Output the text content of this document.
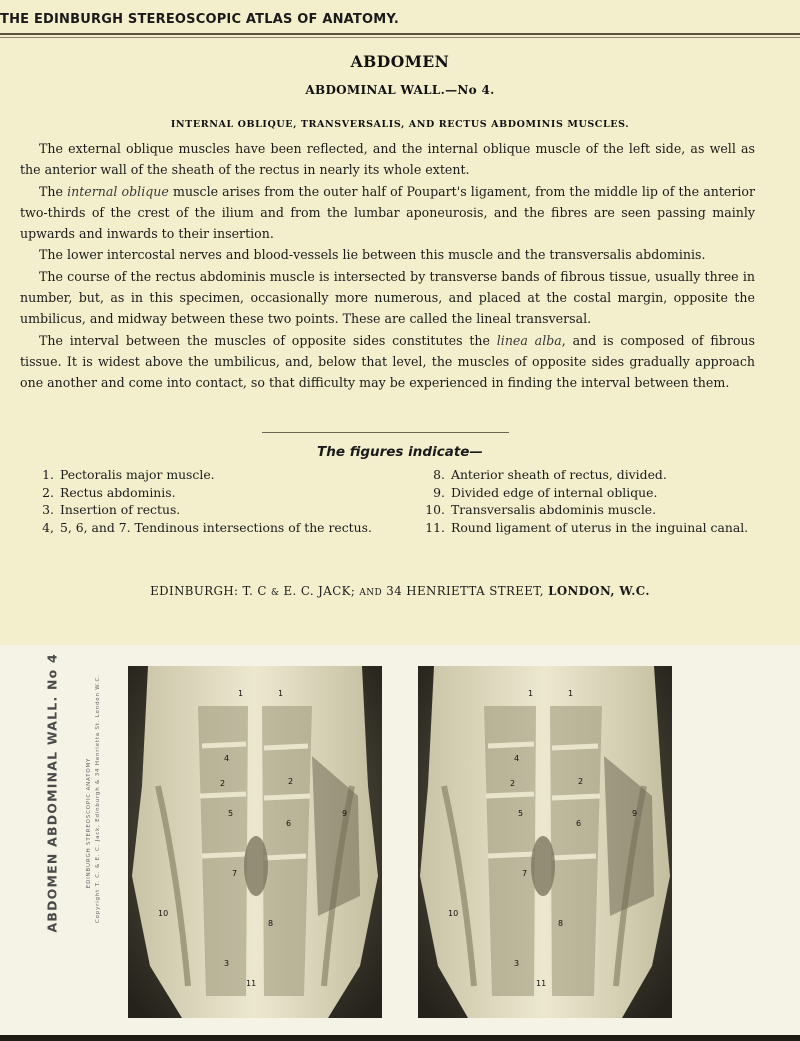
THE EDINBURGH STEREOSCOPIC ATLAS OF ANATOMY.
ABDOMEN
ABDOMINAL WALL.—No 4.
INTERNAL OBLIQUE, TRANSVERSALIS, AND RECTUS ABDOMINIS MUSCLES.

The external oblique muscles have been reflected, and the internal oblique muscle of the left side, as well as the anterior wall of the sheath of the rectus in nearly its whole extent.

The internal oblique muscle arises from the outer half of Poupart's ligament, from the middle lip of the anterior two-thirds of the crest of the ilium and from the lumbar aponeurosis, and the fibres are seen passing mainly upwards and inwards to their insertion.

The lower intercostal nerves and blood-vessels lie between this muscle and the transversalis abdominis.

The course of the rectus abdominis muscle is intersected by transverse bands of fibrous tissue, usually three in number, but, as in this specimen, occasionally more numerous, and placed at the costal margin, opposite the umbilicus, and midway between these two points. These are called the lineal transversal.

The interval between the muscles of opposite sides constitutes the linea alba, and is composed of fibrous tissue. It is widest above the umbilicus, and, below that level, the muscles of opposite sides gradually approach one another and come into contact, so that difficulty may be experienced in finding the interval between them.

The figures indicate—
1. Pectoralis major muscle.
2. Rectus abdominis.
3. Insertion of rectus.
4, 5, 6, and 7. Tendinous intersections of the rectus.
8. Anterior sheath of rectus, divided.
9. Divided edge of internal oblique.
10. Transversalis abdominis muscle.
11. Round ligament of uterus in the inguinal canal.
EDINBURGH: T. C & E. C. JACK; AND 34 HENRIETTA STREET, LONDON, W.C.
ABDOMEN ABDOMINAL WALL. No 4	EDINBURGH STEREOSCOPIC ANATOMY Copyright T. C. & E. C. Jack, Edinburgh & 34 Henrietta St. London W.C.	1	1
2	2
3
4
5
6
7
8
9
10
11
1	1
2	2
3
4
5
6
7
8
9
10
11
